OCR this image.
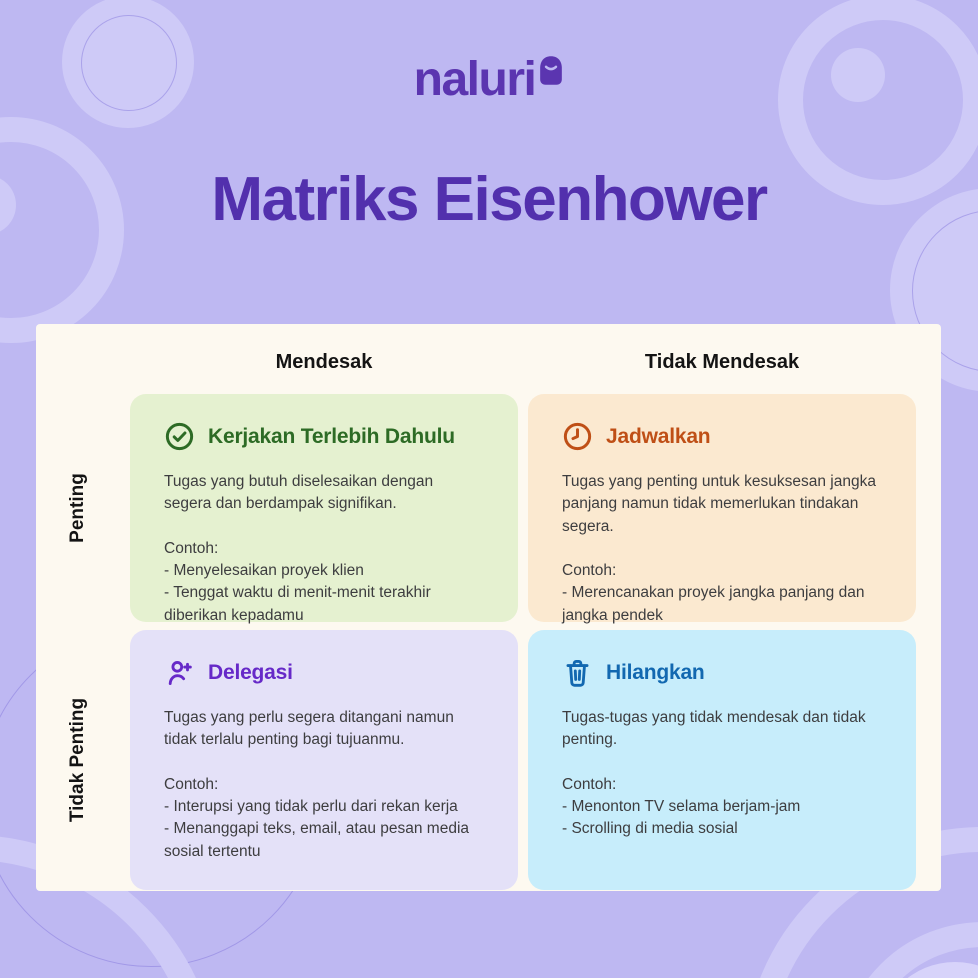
naluri
Matriks Eisenhower
Mendesak	Tidak Mendesak
Penting
Tidak Penting
Kerjakan Terlebih Dahulu

Tugas yang butuh diselesaikan dengan segera dan berdampak signifikan.

Contoh:

- Menyelesaikan proyek klien

- Tenggat waktu di menit-menit terakhir diberikan kepadamu

Jadwalkan

Tugas yang penting untuk kesuksesan jangka panjang namun tidak memerlukan tindakan segera.

Contoh:

- Merencanakan proyek jangka panjang dan jangka pendek

Delegasi

Tugas yang perlu segera ditangani namun tidak terlalu penting bagi tujuanmu.

Contoh:

- Interupsi yang tidak perlu dari rekan kerja

- Menanggapi teks, email, atau pesan media sosial tertentu

Hilangkan

Tugas-tugas yang tidak mendesak dan tidak penting.

Contoh:

- Menonton TV selama berjam-jam

- Scrolling di media sosial
